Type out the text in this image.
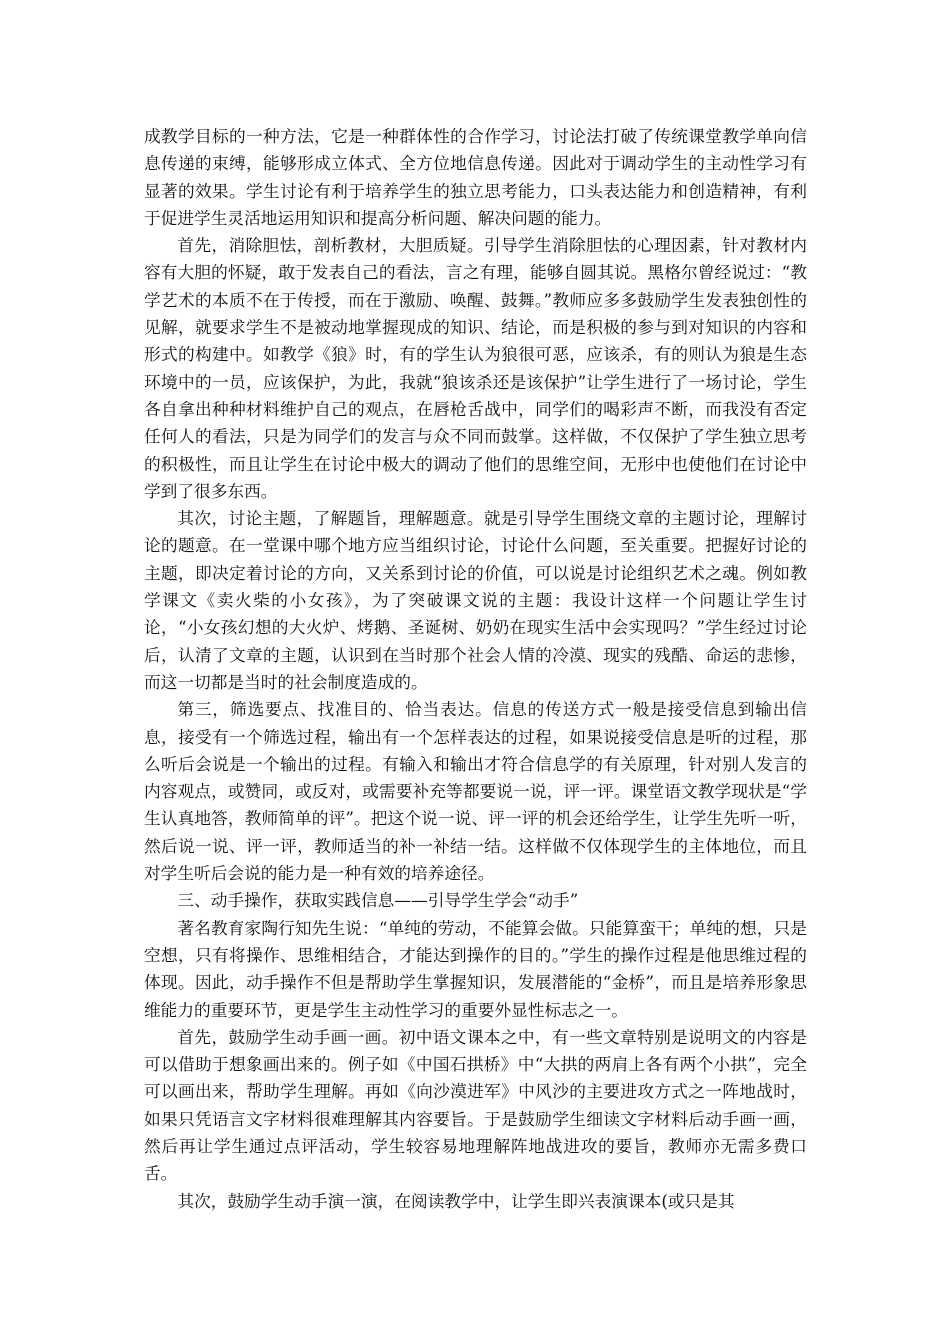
成教学目标的一种方法，它是一种群体性的合作学习，讨论法打破了传统课堂教学单向信息传递的束缚，能够形成立体式、全方位地信息传递。因此对于调动学生的主动性学习有显著的效果。学生讨论有利于培养学生的独立思考能力，口头表达能力和创造精神，有利于促进学生灵活地运用知识和提高分析问题、解决问题的能力。

首先，消除胆怯，剖析教材，大胆质疑。引导学生消除胆怯的心理因素，针对教材内容有大胆的怀疑，敢于发表自己的看法，言之有理，能够自圆其说。黑格尔曾经说过：“教学艺术的本质不在于传授，而在于激励、唤醒、鼓舞。”教师应多多鼓励学生发表独创性的见解，就要求学生不是被动地掌握现成的知识、结论，而是积极的参与到对知识的内容和形式的构建中。如教学《狼》时，有的学生认为狼很可恶，应该杀，有的则认为狼是生态环境中的一员，应该保护，为此，我就“狼该杀还是该保护”让学生进行了一场讨论，学生各自拿出种种材料维护自己的观点，在唇枪舌战中，同学们的喝彩声不断，而我没有否定任何人的看法，只是为同学们的发言与众不同而鼓掌。这样做，不仅保护了学生独立思考的积极性，而且让学生在讨论中极大的调动了他们的思维空间，无形中也使他们在讨论中学到了很多东西。

其次，讨论主题，了解题旨，理解题意。就是引导学生围绕文章的主题讨论，理解讨论的题意。在一堂课中哪个地方应当组织讨论，讨论什么问题，至关重要。把握好讨论的主题，即决定着讨论的方向，又关系到讨论的价值，可以说是讨论组织艺术之魂。例如教学课文《卖火柴的小女孩》，为了突破课文说的主题：我设计这样一个问题让学生讨论，“小女孩幻想的大火炉、烤鹅、圣诞树、奶奶在现实生活中会实现吗？”学生经过讨论后，认清了文章的主题，认识到在当时那个社会人情的冷漠、现实的残酷、命运的悲惨，而这一切都是当时的社会制度造成的。

第三，筛选要点、找准目的、恰当表达。信息的传送方式一般是接受信息到输出信息，接受有一个筛选过程，输出有一个怎样表达的过程，如果说接受信息是听的过程，那么听后会说是一个输出的过程。有输入和输出才符合信息学的有关原理，针对别人发言的内容观点，或赞同，或反对，或需要补充等都要说一说，评一评。课堂语文教学现状是“学生认真地答，教师简单的评”。把这个说一说、评一评的机会还给学生，让学生先听一听，然后说一说、评一评，教师适当的补一补结一结。这样做不仅体现学生的主体地位，而且对学生听后会说的能力是一种有效的培养途径。

三、动手操作，获取实践信息——引导学生学会“动手”

著名教育家陶行知先生说：“单纯的劳动，不能算会做。只能算蛮干；单纯的想，只是空想，只有将操作、思维相结合，才能达到操作的目的。”学生的操作过程是他思维过程的体现。因此，动手操作不但是帮助学生掌握知识，发展潜能的“金桥”，而且是培养形象思维能力的重要环节，更是学生主动性学习的重要外显性标志之一。

首先，鼓励学生动手画一画。初中语文课本之中，有一些文章特别是说明文的内容是可以借助于想象画出来的。例子如《中国石拱桥》中“大拱的两肩上各有两个小拱”，完全可以画出来，帮助学生理解。再如《向沙漠进军》中风沙的主要进攻方式之一阵地战时，如果只凭语言文字材料很难理解其内容要旨。于是鼓励学生细读文字材料后动手画一画，然后再让学生通过点评活动，学生较容易地理解阵地战进攻的要旨，教师亦无需多费口舌。

其次，鼓励学生动手演一演，在阅读教学中，让学生即兴表演课本(或只是其
